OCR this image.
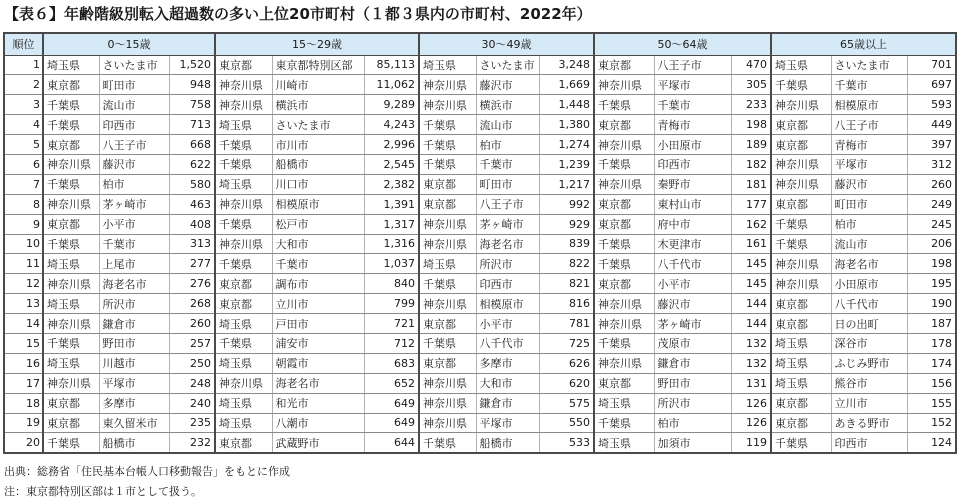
【表６】年齢階級別転入超過数の多い上位20市町村（１都３県内の市町村、2022年）
順位	0～15歳			15～29歳			30～49歳			50～64歳			65歳以上		
1	埼玉県	さいたま市	1,520	東京都	東京都特別区部	85,113	埼玉県	さいたま市	3,248	東京都	八王子市	470	埼玉県	さいたま市	701
2	東京都	町田市	948	神奈川県	川崎市	11,062	神奈川県	藤沢市	1,669	神奈川県	平塚市	305	千葉県	千葉市	697
3	千葉県	流山市	758	神奈川県	横浜市	9,289	神奈川県	横浜市	1,448	千葉県	千葉市	233	神奈川県	相模原市	593
4	千葉県	印西市	713	埼玉県	さいたま市	4,243	千葉県	流山市	1,380	東京都	青梅市	198	東京都	八王子市	449
5	東京都	八王子市	668	千葉県	市川市	2,996	千葉県	柏市	1,274	神奈川県	小田原市	189	東京都	青梅市	397
6	神奈川県	藤沢市	622	千葉県	船橋市	2,545	千葉県	千葉市	1,239	千葉県	印西市	182	神奈川県	平塚市	312
7	千葉県	柏市	580	埼玉県	川口市	2,382	東京都	町田市	1,217	神奈川県	秦野市	181	神奈川県	藤沢市	260
8	神奈川県	茅ヶ崎市	463	神奈川県	相模原市	1,391	東京都	八王子市	992	東京都	東村山市	177	東京都	町田市	249
9	東京都	小平市	408	千葉県	松戸市	1,317	神奈川県	茅ヶ崎市	929	東京都	府中市	162	千葉県	柏市	245
10	千葉県	千葉市	313	神奈川県	大和市	1,316	神奈川県	海老名市	839	千葉県	木更津市	161	千葉県	流山市	206
11	埼玉県	上尾市	277	千葉県	千葉市	1,037	埼玉県	所沢市	822	千葉県	八千代市	145	神奈川県	海老名市	198
12	神奈川県	海老名市	276	東京都	調布市	840	千葉県	印西市	821	東京都	小平市	145	神奈川県	小田原市	195
13	埼玉県	所沢市	268	東京都	立川市	799	神奈川県	相模原市	816	神奈川県	藤沢市	144	東京都	八千代市	190
14	神奈川県	鎌倉市	260	埼玉県	戸田市	721	東京都	小平市	781	神奈川県	茅ヶ崎市	144	東京都	日の出町	187
15	千葉県	野田市	257	千葉県	浦安市	712	千葉県	八千代市	725	千葉県	茂原市	132	埼玉県	深谷市	178
16	埼玉県	川越市	250	埼玉県	朝霞市	683	東京都	多摩市	626	神奈川県	鎌倉市	132	埼玉県	ふじみ野市	174
17	神奈川県	平塚市	248	神奈川県	海老名市	652	神奈川県	大和市	620	東京都	野田市	131	埼玉県	熊谷市	156
18	東京都	多摩市	240	埼玉県	和光市	649	神奈川県	鎌倉市	575	埼玉県	所沢市	126	東京都	立川市	155
19	東京都	東久留米市	235	埼玉県	八潮市	649	神奈川県	平塚市	550	千葉県	柏市	126	東京都	あきる野市	152
20	千葉県	船橋市	232	東京都	武蔵野市	644	千葉県	船橋市	533	埼玉県	加須市	119	千葉県	印西市	124
出典：総務省「住民基本台帳人口移動報告」をもとに作成
注：東京都特別区部は１市として扱う。
